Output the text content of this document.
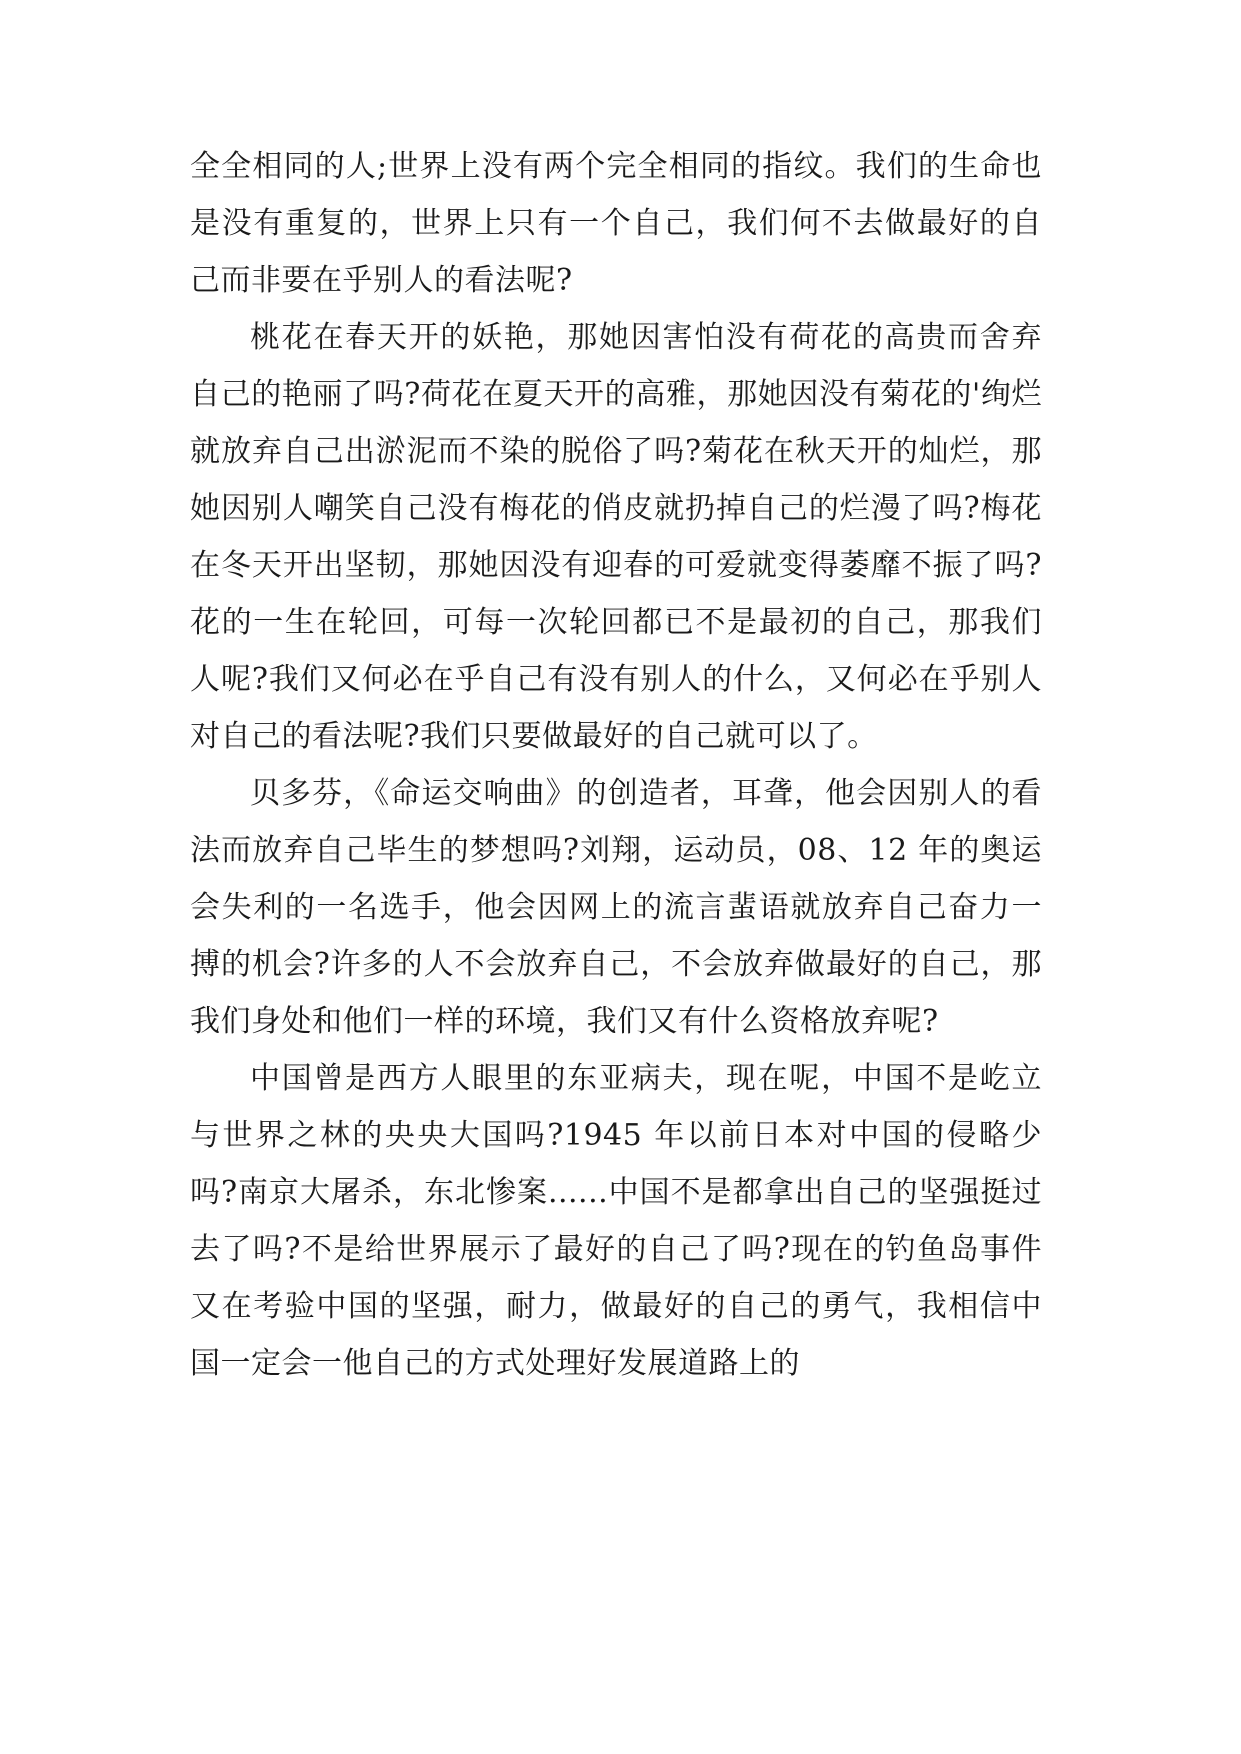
全全相同的人;世界上没有两个完全相同的指纹。我们的生命也是没有重复的，世界上只有一个自己，我们何不去做最好的自己而非要在乎别人的看法呢?

桃花在春天开的妖艳，那她因害怕没有荷花的高贵而舍弃自己的艳丽了吗?荷花在夏天开的高雅，那她因没有菊花的'绚烂就放弃自己出淤泥而不染的脱俗了吗?菊花在秋天开的灿烂，那她因别人嘲笑自己没有梅花的俏皮就扔掉自己的烂漫了吗?梅花在冬天开出坚韧，那她因没有迎春的可爱就变得萎靡不振了吗?花的一生在轮回，可每一次轮回都已不是最初的自己，那我们人呢?我们又何必在乎自己有没有别人的什么，又何必在乎别人对自己的看法呢?我们只要做最好的自己就可以了。

贝多芬，《命运交响曲》的创造者，耳聋，他会因别人的看法而放弃自己毕生的梦想吗?刘翔，运动员，08、12 年的奥运会失利的一名选手，他会因网上的流言蜚语就放弃自己奋力一搏的机会?许多的人不会放弃自己，不会放弃做最好的自己，那我们身处和他们一样的环境，我们又有什么资格放弃呢?

中国曾是西方人眼里的东亚病夫，现在呢，中国不是屹立与世界之林的央央大国吗?1945 年以前日本对中国的侵略少吗?南京大屠杀，东北惨案......中国不是都拿出自己的坚强挺过去了吗?不是给世界展示了最好的自己了吗?现在的钓鱼岛事件又在考验中国的坚强，耐力，做最好的自己的勇气，我相信中国一定会一他自己的方式处理好发展道路上的
